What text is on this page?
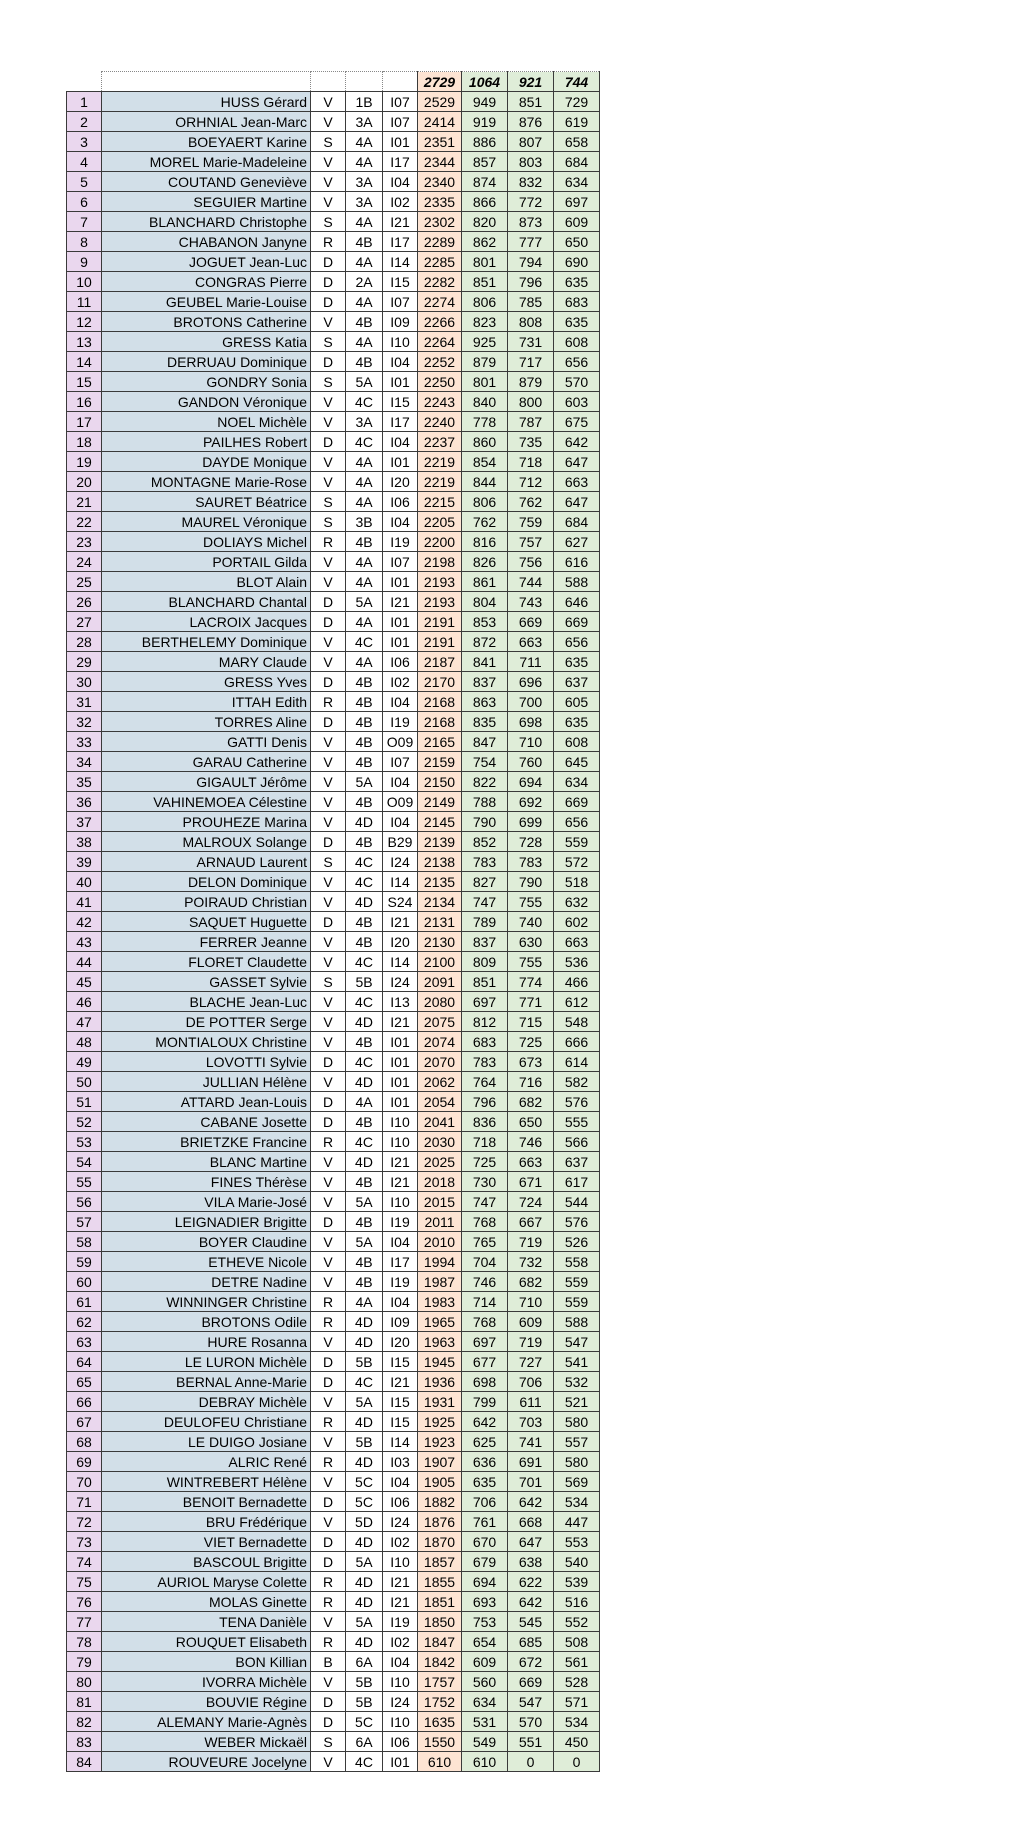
					2729	1064	921	744
1	HUSS Gérard	V	1B	I07	2529	949	851	729
2	ORHNIAL Jean-Marc	V	3A	I07	2414	919	876	619
3	BOEYAERT Karine	S	4A	I01	2351	886	807	658
4	MOREL Marie-Madeleine	V	4A	I17	2344	857	803	684
5	COUTAND Geneviève	V	3A	I04	2340	874	832	634
6	SEGUIER Martine	V	3A	I02	2335	866	772	697
7	BLANCHARD Christophe	S	4A	I21	2302	820	873	609
8	CHABANON Janyne	R	4B	I17	2289	862	777	650
9	JOGUET Jean-Luc	D	4A	I14	2285	801	794	690
10	CONGRAS Pierre	D	2A	I15	2282	851	796	635
11	GEUBEL Marie-Louise	D	4A	I07	2274	806	785	683
12	BROTONS Catherine	V	4B	I09	2266	823	808	635
13	GRESS Katia	S	4A	I10	2264	925	731	608
14	DERRUAU Dominique	D	4B	I04	2252	879	717	656
15	GONDRY Sonia	S	5A	I01	2250	801	879	570
16	GANDON Véronique	V	4C	I15	2243	840	800	603
17	NOEL Michèle	V	3A	I17	2240	778	787	675
18	PAILHES Robert	D	4C	I04	2237	860	735	642
19	DAYDE Monique	V	4A	I01	2219	854	718	647
20	MONTAGNE Marie-Rose	V	4A	I20	2219	844	712	663
21	SAURET Béatrice	S	4A	I06	2215	806	762	647
22	MAUREL Véronique	S	3B	I04	2205	762	759	684
23	DOLIAYS Michel	R	4B	I19	2200	816	757	627
24	PORTAIL Gilda	V	4A	I07	2198	826	756	616
25	BLOT Alain	V	4A	I01	2193	861	744	588
26	BLANCHARD Chantal	D	5A	I21	2193	804	743	646
27	LACROIX Jacques	D	4A	I01	2191	853	669	669
28	BERTHELEMY Dominique	V	4C	I01	2191	872	663	656
29	MARY Claude	V	4A	I06	2187	841	711	635
30	GRESS Yves	D	4B	I02	2170	837	696	637
31	ITTAH Edith	R	4B	I04	2168	863	700	605
32	TORRES Aline	D	4B	I19	2168	835	698	635
33	GATTI Denis	V	4B	O09	2165	847	710	608
34	GARAU Catherine	V	4B	I07	2159	754	760	645
35	GIGAULT Jérôme	V	5A	I04	2150	822	694	634
36	VAHINEMOEA Célestine	V	4B	O09	2149	788	692	669
37	PROUHEZE Marina	V	4D	I04	2145	790	699	656
38	MALROUX Solange	D	4B	B29	2139	852	728	559
39	ARNAUD Laurent	S	4C	I24	2138	783	783	572
40	DELON Dominique	V	4C	I14	2135	827	790	518
41	POIRAUD Christian	V	4D	S24	2134	747	755	632
42	SAQUET Huguette	D	4B	I21	2131	789	740	602
43	FERRER Jeanne	V	4B	I20	2130	837	630	663
44	FLORET Claudette	V	4C	I14	2100	809	755	536
45	GASSET Sylvie	S	5B	I24	2091	851	774	466
46	BLACHE Jean-Luc	V	4C	I13	2080	697	771	612
47	DE POTTER Serge	V	4D	I21	2075	812	715	548
48	MONTIALOUX Christine	V	4B	I01	2074	683	725	666
49	LOVOTTI Sylvie	D	4C	I01	2070	783	673	614
50	JULLIAN Hélène	V	4D	I01	2062	764	716	582
51	ATTARD Jean-Louis	D	4A	I01	2054	796	682	576
52	CABANE Josette	D	4B	I10	2041	836	650	555
53	BRIETZKE Francine	R	4C	I10	2030	718	746	566
54	BLANC Martine	V	4D	I21	2025	725	663	637
55	FINES Thérèse	V	4B	I21	2018	730	671	617
56	VILA Marie-José	V	5A	I10	2015	747	724	544
57	LEIGNADIER Brigitte	D	4B	I19	2011	768	667	576
58	BOYER Claudine	V	5A	I04	2010	765	719	526
59	ETHEVE Nicole	V	4B	I17	1994	704	732	558
60	DETRE Nadine	V	4B	I19	1987	746	682	559
61	WINNINGER Christine	R	4A	I04	1983	714	710	559
62	BROTONS Odile	R	4D	I09	1965	768	609	588
63	HURE Rosanna	V	4D	I20	1963	697	719	547
64	LE LURON Michèle	D	5B	I15	1945	677	727	541
65	BERNAL Anne-Marie	D	4C	I21	1936	698	706	532
66	DEBRAY Michèle	V	5A	I15	1931	799	611	521
67	DEULOFEU Christiane	R	4D	I15	1925	642	703	580
68	LE DUIGO Josiane	V	5B	I14	1923	625	741	557
69	ALRIC René	R	4D	I03	1907	636	691	580
70	WINTREBERT Hélène	V	5C	I04	1905	635	701	569
71	BENOIT Bernadette	D	5C	I06	1882	706	642	534
72	BRU Frédérique	V	5D	I24	1876	761	668	447
73	VIET Bernadette	D	4D	I02	1870	670	647	553
74	BASCOUL Brigitte	D	5A	I10	1857	679	638	540
75	AURIOL Maryse Colette	R	4D	I21	1855	694	622	539
76	MOLAS Ginette	R	4D	I21	1851	693	642	516
77	TENA Danièle	V	5A	I19	1850	753	545	552
78	ROUQUET Elisabeth	R	4D	I02	1847	654	685	508
79	BON Killian	B	6A	I04	1842	609	672	561
80	IVORRA Michèle	V	5B	I10	1757	560	669	528
81	BOUVIE Régine	D	5B	I24	1752	634	547	571
82	ALEMANY Marie-Agnès	D	5C	I10	1635	531	570	534
83	WEBER Mickaël	S	6A	I06	1550	549	551	450
84	ROUVEURE Jocelyne	V	4C	I01	610	610	0	0
